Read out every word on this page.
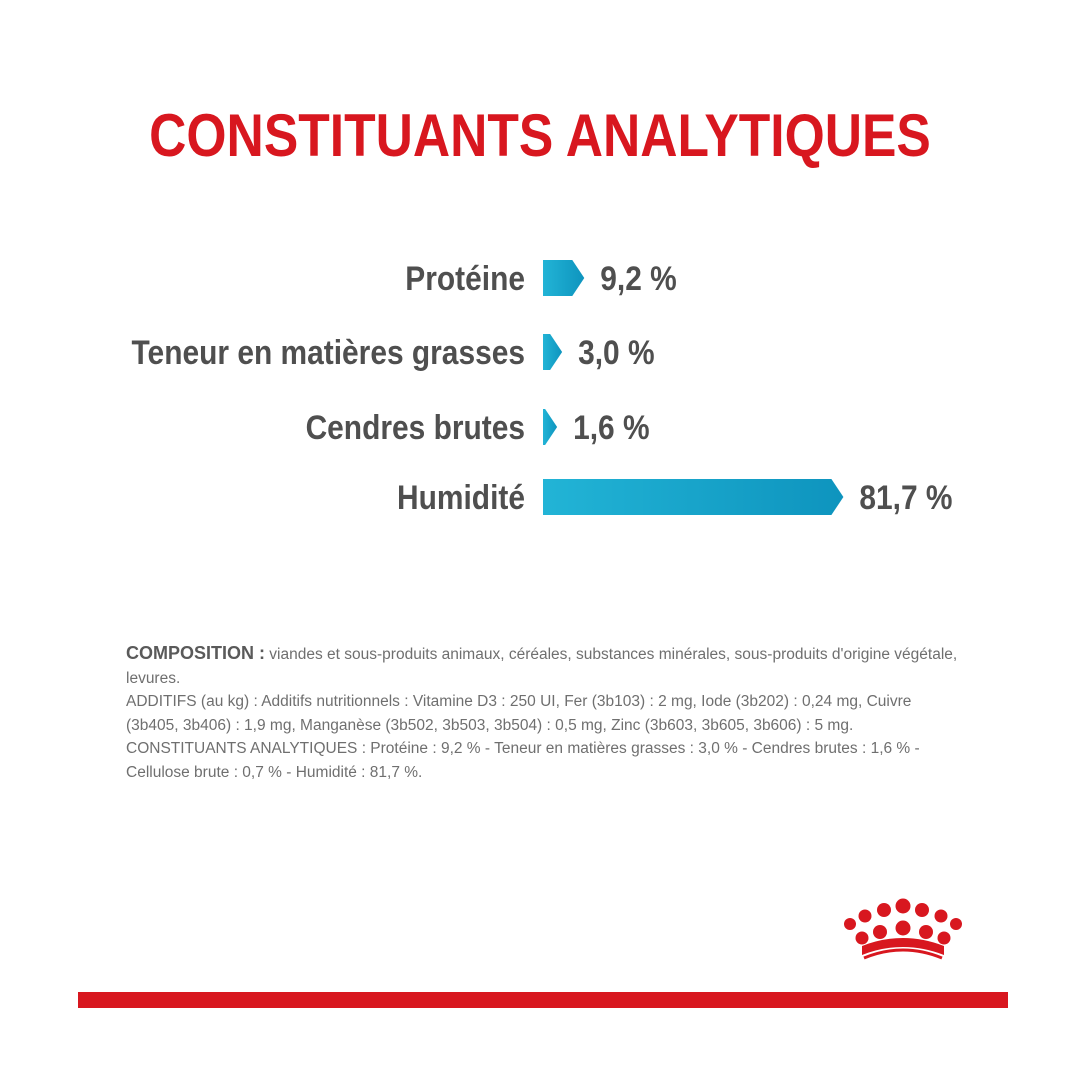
CONSTITUANTS ANALYTIQUES
Protéine 9,2 %
Teneur en matières grasses 3,0 %
Cendres brutes 1,6 %
Humidité	81,7 %

COMPOSITION : viandes et sous-produits animaux, céréales, substances minérales, sous-produits d'origine végétale, levures.

ADDITIFS (au kg) : Additifs nutritionnels : Vitamine D3 : 250 UI, Fer (3b103) : 2 mg, Iode (3b202) : 0,24 mg, Cuivre (3b405, 3b406) : 1,9 mg, Manganèse (3b502, 3b503, 3b504) : 0,5 mg, Zinc (3b603, 3b605, 3b606) : 5 mg.

CONSTITUANTS ANALYTIQUES : Protéine : 9,2 % - Teneur en matières grasses : 3,0 % - Cendres brutes : 1,6 % - Cellulose brute : 0,7 % - Humidité : 81,7 %.
